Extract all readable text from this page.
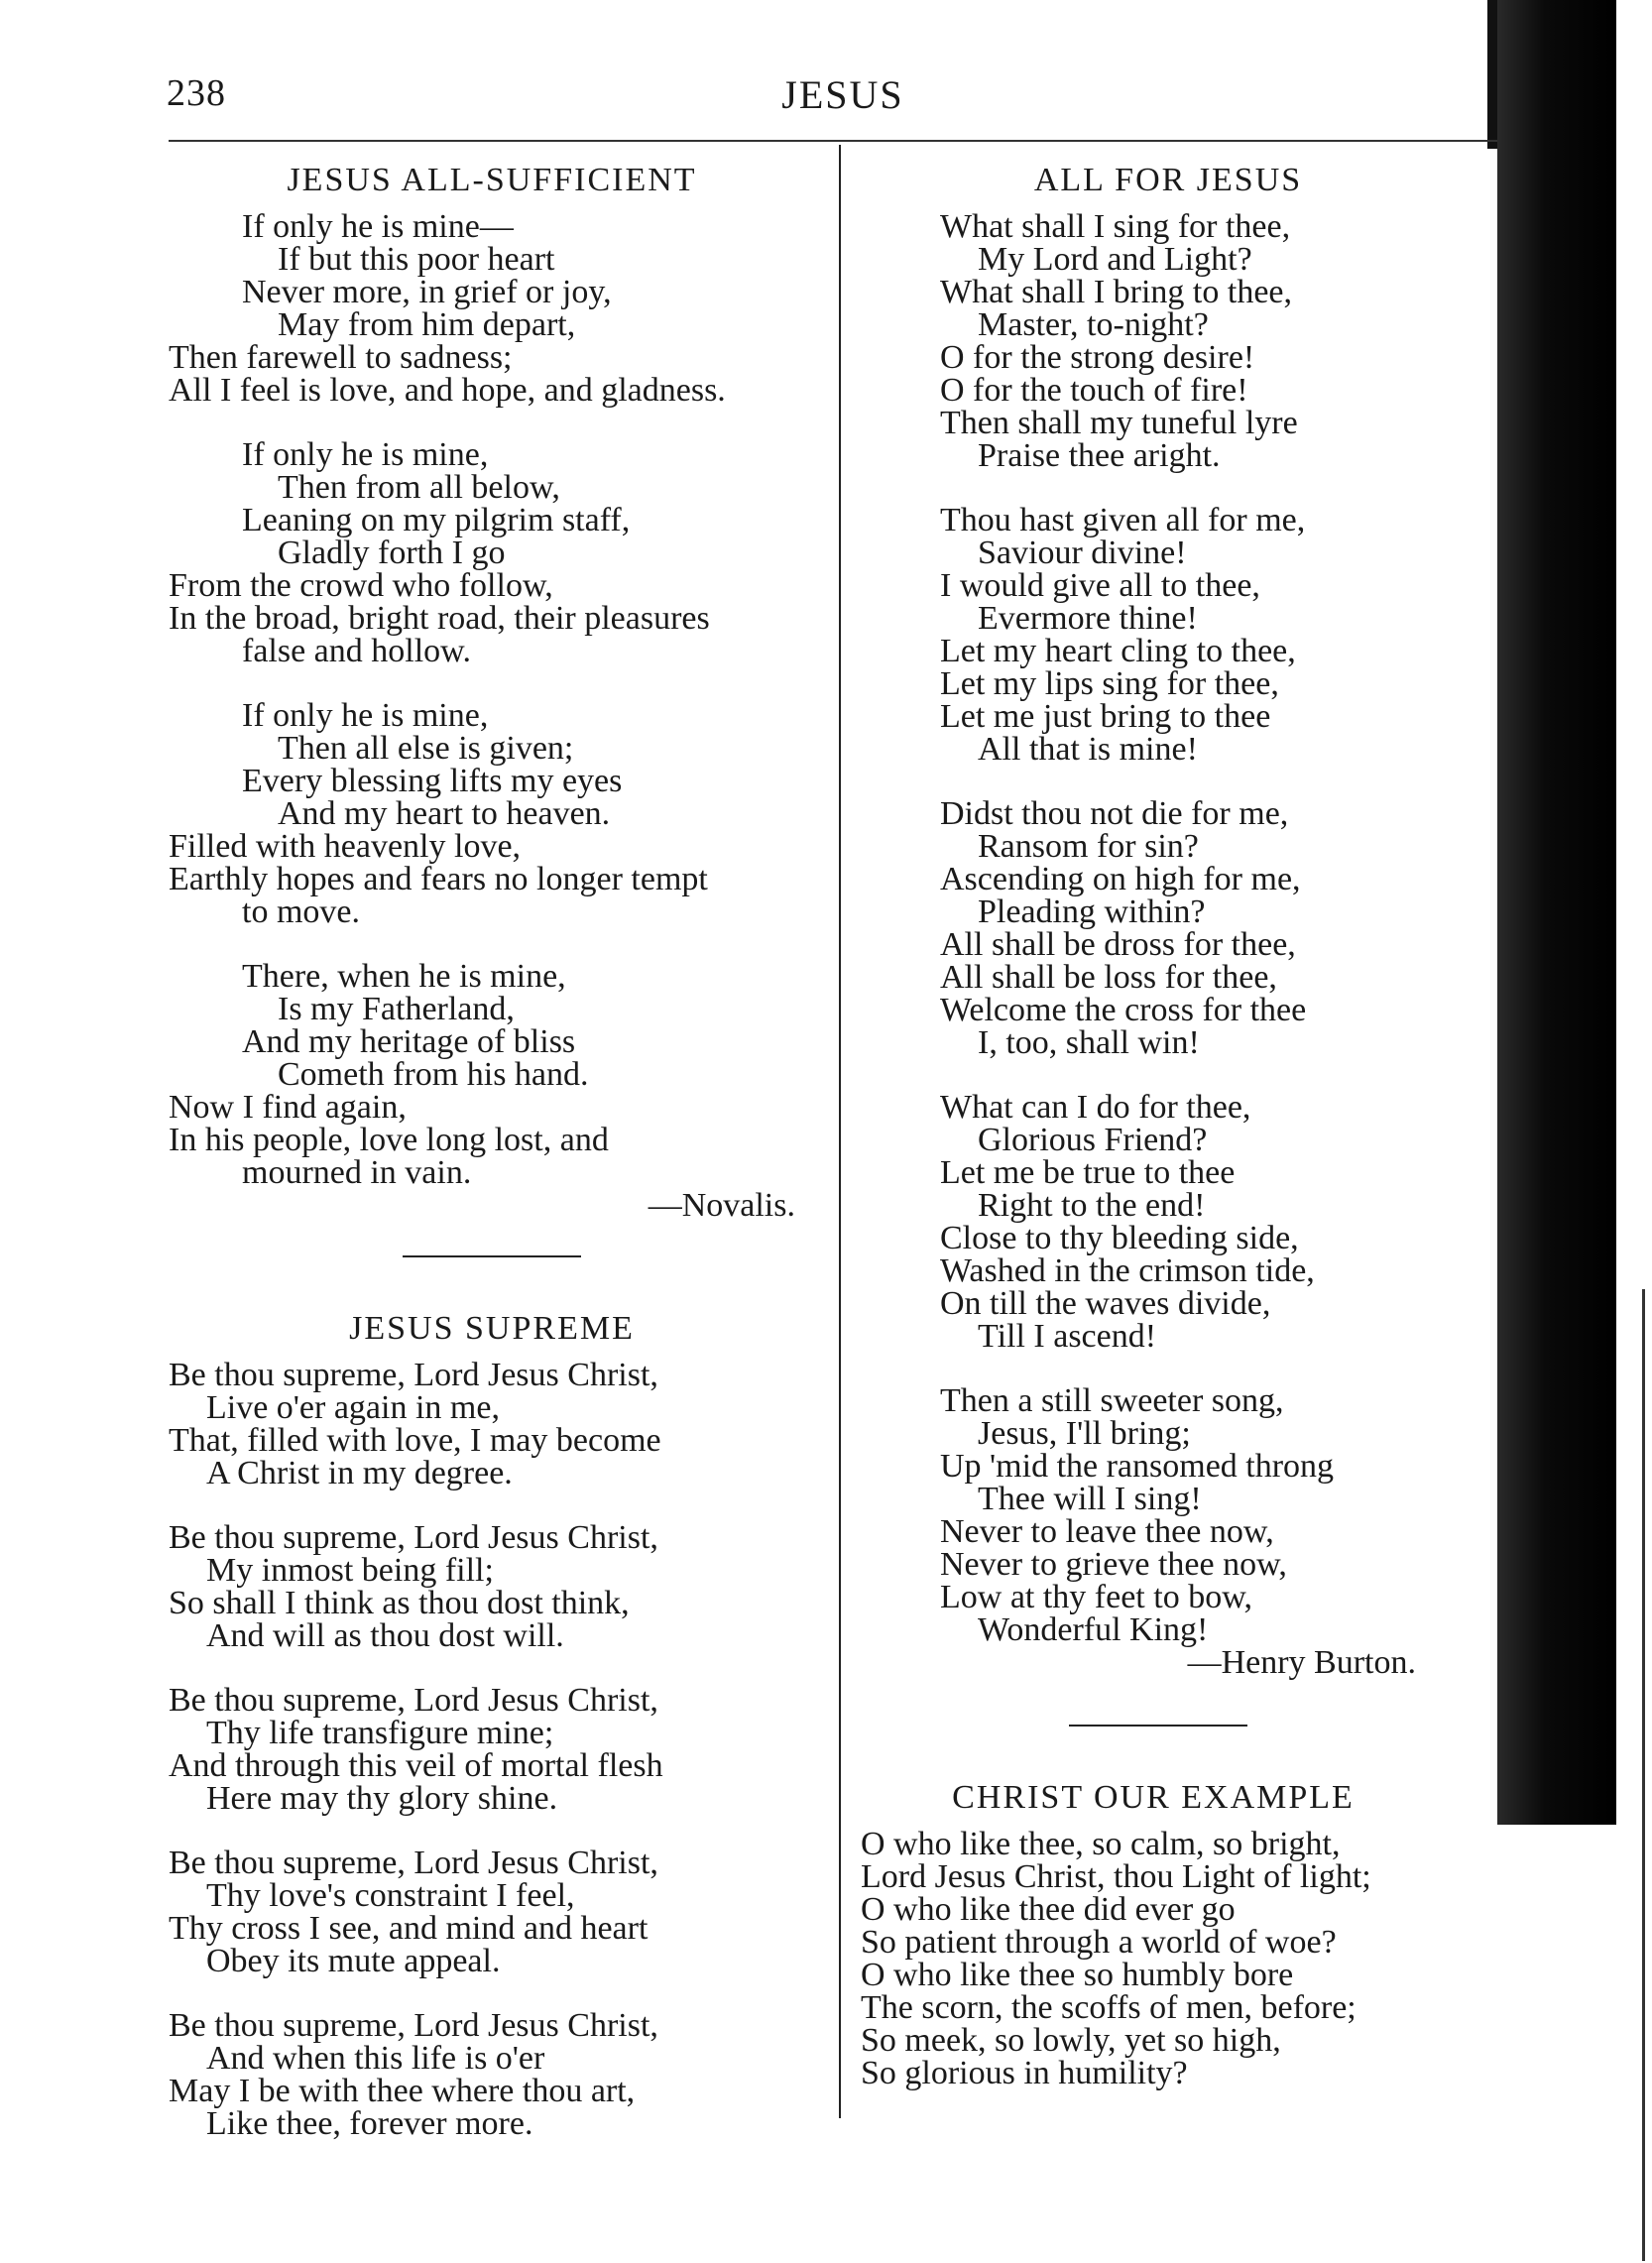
238	JESUS
JESUS ALL-SUFFICIENT
If only he is mine—
If but this poor heart
Never more, in grief or joy,
May from him depart,
Then farewell to sadness;
All I feel is love, and hope, and gladness.
If only he is mine,
Then from all below,
Leaning on my pilgrim staff,
Gladly forth I go
From the crowd who follow,
In the broad, bright road, their pleasures
false and hollow.
If only he is mine,
Then all else is given;
Every blessing lifts my eyes
And my heart to heaven.
Filled with heavenly love,
Earthly hopes and fears no longer tempt
to move.
There, when he is mine,
Is my Fatherland,
And my heritage of bliss
Cometh from his hand.
Now I find again,
In his people, love long lost, and
mourned in vain.
—Novalis.
JESUS SUPREME
Be thou supreme, Lord Jesus Christ,
Live o'er again in me,
That, filled with love, I may become
A Christ in my degree.
Be thou supreme, Lord Jesus Christ,
My inmost being fill;
So shall I think as thou dost think,
And will as thou dost will.
Be thou supreme, Lord Jesus Christ,
Thy life transfigure mine;
And through this veil of mortal flesh
Here may thy glory shine.
Be thou supreme, Lord Jesus Christ,
Thy love's constraint I feel,
Thy cross I see, and mind and heart
Obey its mute appeal.
Be thou supreme, Lord Jesus Christ,
And when this life is o'er
May I be with thee where thou art,
Like thee, forever more.
ALL FOR JESUS
What shall I sing for thee,
My Lord and Light?
What shall I bring to thee,
Master, to-night?
O for the strong desire!
O for the touch of fire!
Then shall my tuneful lyre
Praise thee aright.
Thou hast given all for me,
Saviour divine!
I would give all to thee,
Evermore thine!
Let my heart cling to thee,
Let my lips sing for thee,
Let me just bring to thee
All that is mine!
Didst thou not die for me,
Ransom for sin?
Ascending on high for me,
Pleading within?
All shall be dross for thee,
All shall be loss for thee,
Welcome the cross for thee
I, too, shall win!
What can I do for thee,
Glorious Friend?
Let me be true to thee
Right to the end!
Close to thy bleeding side,
Washed in the crimson tide,
On till the waves divide,
Till I ascend!
Then a still sweeter song,
Jesus, I'll bring;
Up 'mid the ransomed throng
Thee will I sing!
Never to leave thee now,
Never to grieve thee now,
Low at thy feet to bow,
Wonderful King!
—Henry Burton.
CHRIST OUR EXAMPLE
O who like thee, so calm, so bright,
Lord Jesus Christ, thou Light of light;
O who like thee did ever go
So patient through a world of woe?
O who like thee so humbly bore
The scorn, the scoffs of men, before;
So meek, so lowly, yet so high,
So glorious in humility?
